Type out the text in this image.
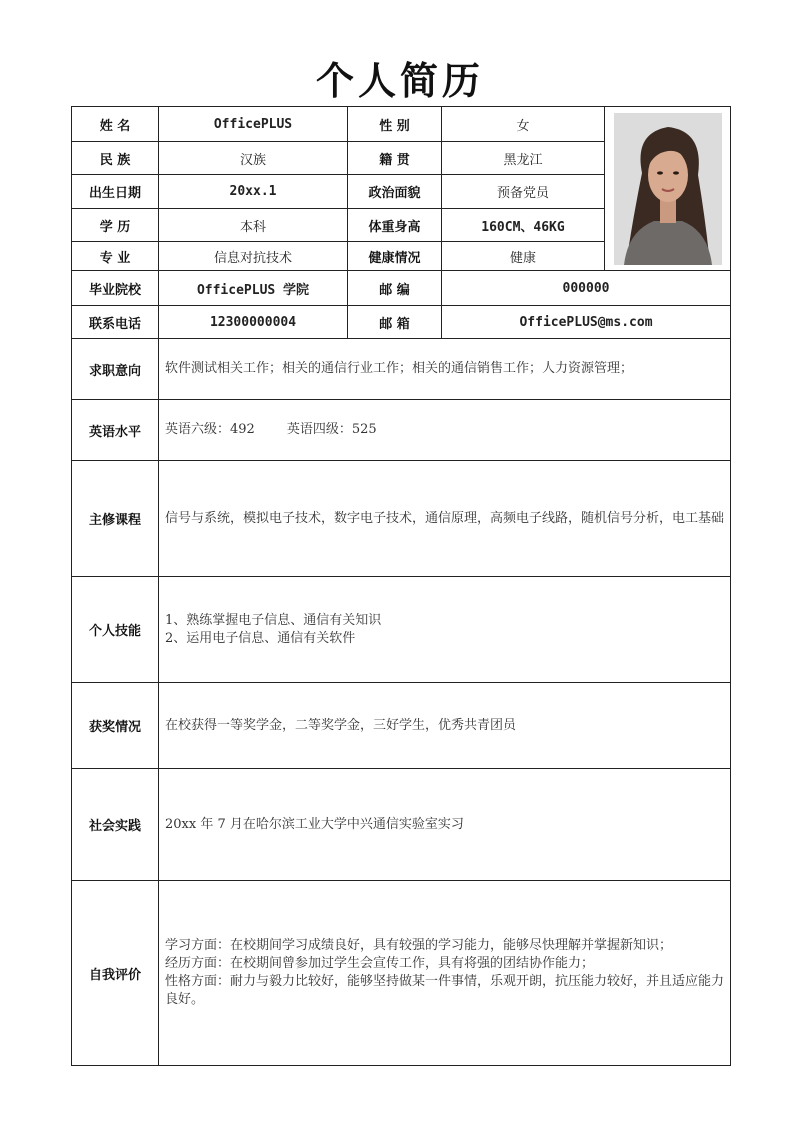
个人简历
姓 名	OfficePLUS	性 别	女	
民 族	汉族	籍 贯	黑龙江	
出生日期	20xx.1	政治面貌	预备党员	
学 历	本科	体重身高	160CM、46KG	
专 业	信息对抗技术	健康情况	健康	
毕业院校	OfficePLUS 学院	邮 编	000000	
联系电话	12300000004	邮 箱	OfficePLUS@ms.com	
求职意向	软件测试相关工作；相关的通信行业工作；相关的通信销售工作；人力资源管理；			
英语水平	英语六级：492 英语四级：525			
主修课程	信号与系统，模拟电子技术，数字电子技术，通信原理，高频电子线路，随机信号分析，电工基础			
个人技能	1、熟练掌握电子信息、通信有关知识
2、运用电子信息、通信有关软件			

获奖情况	在校获得一等奖学金，二等奖学金，三好学生，优秀共青团员			
社会实践	20xx 年 7 月在哈尔滨工业大学中兴通信实验室实习			
自我评价	学习方面：在校期间学习成绩良好，具有较强的学习能力，能够尽快理解并掌握新知识；
经历方面：在校期间曾参加过学生会宣传工作，具有将强的团结协作能力；
性格方面：耐力与毅力比较好，能够坚持做某一件事情，乐观开朗，抗压能力较好，并且适应能力良好。			
